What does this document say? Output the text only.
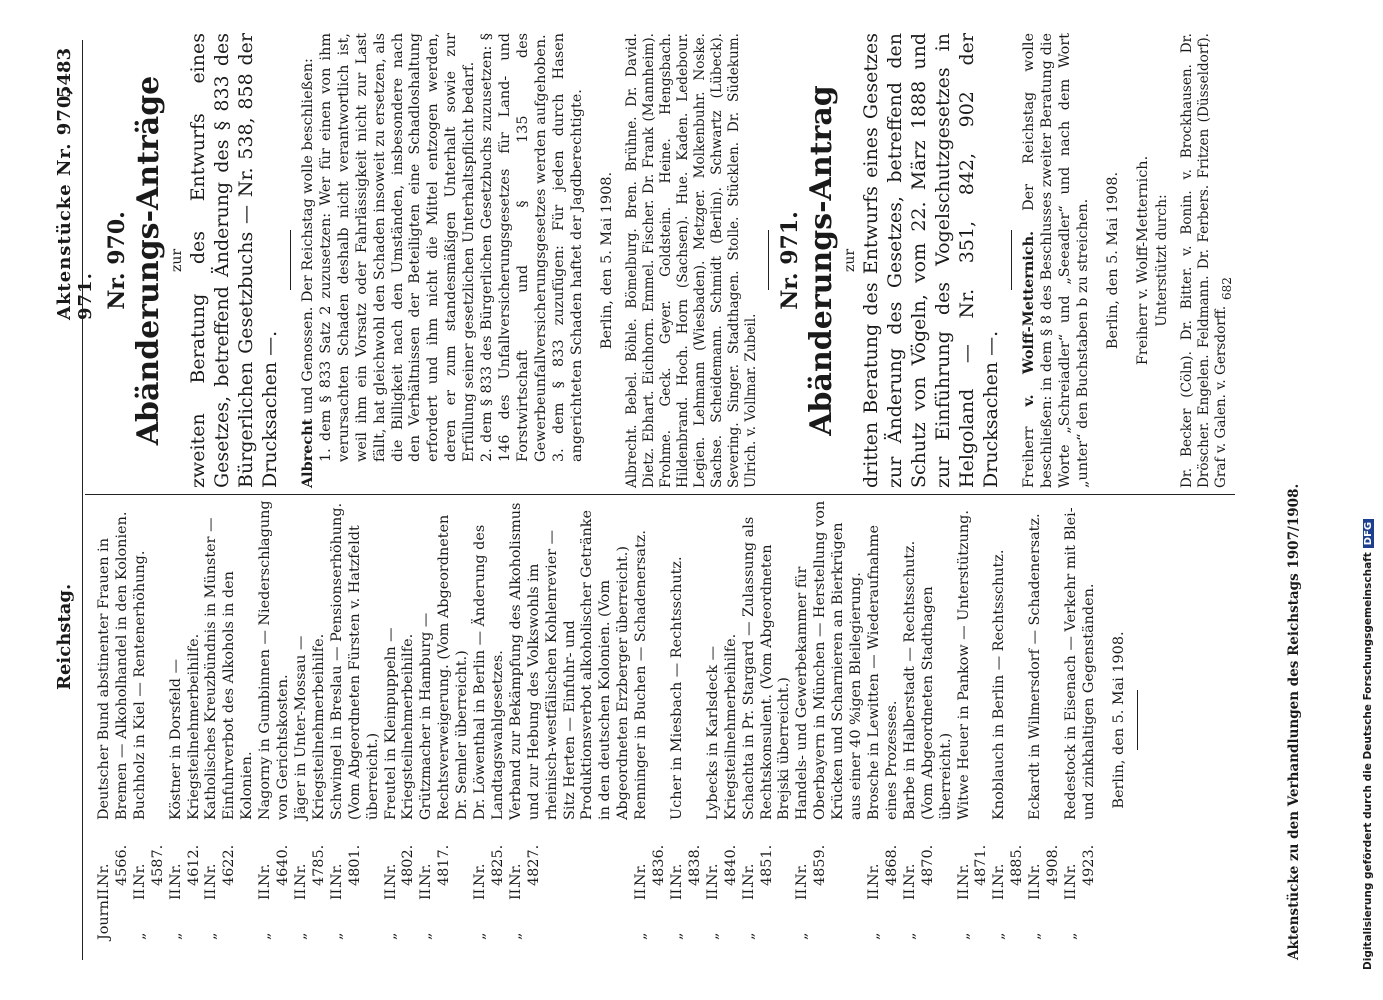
Reichstag.
Aktenstücke Nr. 970, 971.
5483
Journ.
II.
Nr. 4566.
Deutscher Bund abstinenter Frauen in Bremen — Alkoholhandel in den Kolonien.
„
II.
Nr. 4587.
Buchholz in Kiel — Rentenerhöhung.
„
II.
Nr. 4612.
Köstner in Dorsfeld — Kriegsteilnehmerbeihilfe.
„
II.
Nr. 4622.
Katholisches Kreuzbündnis in Münster — Einfuhrverbot des Alkohols in den Kolonien.
„
II.
Nr. 4640.
Nagorny in Gumbinnen — Niederschlagung von Gerichtskosten.
„
II.
Nr. 4785.
Jäger in Unter-Mossau — Kriegsteilnehmerbeihilfe.
„
II.
Nr. 4801.
Schwingel in Breslau — Pensionserhöhung. (Vom Abgeordneten Fürsten v. Hatzfeldt überreicht.)
„
II.
Nr. 4802.
Freutel in Kleinpuppeln — Kriegsteilnehmerbeihilfe.
„
II.
Nr. 4817.
Grützmacher in Hamburg — Rechtsverweigerung. (Vom Abgeordneten Dr. Semler überreicht.)
„
II.
Nr. 4825.
Dr. Löwenthal in Berlin — Änderung des Landtagswahlgesetzes.
„
II.
Nr. 4827.
Verband zur Bekämpfung des Alkoholismus und zur Hebung des Volkswohls im rheinisch-westfälischen Kohlenrevier — Sitz Herten — Einfuhr- und Produktionsverbot alkoholischer Getränke in den deutschen Kolonien. (Vom Abgeordneten Erzberger überreicht.)
„
II.
Nr. 4836.
Renninger in Buchen — Schadenersatz.
„
II.
Nr. 4838.
Ucher in Miesbach — Rechtsschutz.
„
II.
Nr. 4840.
Lybecks in Karlsdeck — Kriegsteilnehmerbeihilfe.
„
II.
Nr. 4851.
Schachta in Pr. Stargard — Zulassung als Rechtskonsulent. (Vom Abgeordneten Brejski überreicht.)
„
II.
Nr. 4859.
Handels- und Gewerbekammer für Oberbayern in München — Herstellung von Krücken und Scharnieren an Bierkrügen aus einer 40 %igen Bleilegierung.
„
II.
Nr. 4868.
Brosche in Lewitten — Wiederaufnahme eines Prozesses.
„
II.
Nr. 4870.
Barbe in Halberstadt — Rechtsschutz. (Vom Abgeordneten Stadthagen überreicht.)
„
II.
Nr. 4871.
Witwe Heuer in Pankow — Unterstützung.
„
II.
Nr. 4885.
Knoblauch in Berlin — Rechtsschutz.
„
II.
Nr. 4908.
Eckardt in Wilmersdorf — Schadenersatz.
„
II.
Nr. 4923.
Redestock in Eisenach — Verkehr mit Blei- und zinkhaltigen Gegenständen. Berlin, den 5. Mai 1908.
Nr. 970. Abänderungs-Anträge zur zweiten Beratung des Entwurfs eines Gesetzes, betreffend Änderung des § 833 des Bürgerlichen Gesetzbuchs — Nr. 538, 858 der Drucksachen —. Albrecht und Genossen. Der Reichstag wolle beschließen: 1. dem § 833 Satz 2 zuzusetzen: Wer für einen von ihm verursachten Schaden deshalb nicht verantwortlich ist, weil ihm ein Vorsatz oder Fahrlässigkeit nicht zur Last fällt, hat gleichwohl den Schaden insoweit zu ersetzen, als die Billigkeit nach den Umständen, insbesondere nach den Verhältnissen der Beteiligten eine Schadloshaltung erfordert und ihm nicht die Mittel entzogen werden, deren er zum standesmäßigen Unterhalt sowie zur Erfüllung seiner gesetzlichen Unterhaltspflicht bedarf. 2. dem § 833 des Bürgerlichen Gesetzbuchs zuzusetzen: § 146 des Unfallversicherungsgesetzes für Land- und Forstwirtschaft und § 135 des Gewerbeunfallversicherungsgesetzes werden aufgehoben. 3. dem § 833 zuzufügen: Für jeden durch Hasen angerichteten Schaden haftet der Jagdberechtigte. Berlin, den 5. Mai 1908. Albrecht. Bebel. Böhle. Bömelburg. Bren. Brühne. Dr. David. Dietz. Ebhart. Eichhorn. Emmel. Fischer. Dr. Frank (Mannheim). Frohme. Geck. Geyer. Goldstein. Heine. Hengsbach. Hildenbrand. Hoch. Horn (Sachsen). Hue. Kaden. Ledebour. Legien. Lehmann (Wiesbaden). Metzger. Molkenbuhr. Noske. Sachse. Scheidemann. Schmidt (Berlin). Schwartz (Lübeck). Severing. Singer. Stadthagen. Stolle. Stücklen. Dr. Südekum. Ulrich. v. Vollmar. Zubeil.

Nr. 971. Abänderungs-Antrag zur dritten Beratung des Entwurfs eines Gesetzes zur Änderung des Gesetzes, betreffend den Schutz von Vögeln, vom 22. März 1888 und zur Einführung des Vogelschutzgesetzes in Helgoland — Nr. 351, 842, 902 der Drucksachen —. Freiherr v. Wolff-Metternich. Der Reichstag wolle beschließen: in dem § 8 des Beschlusses zweiter Beratung die Worte „Schreiadler“ und „Seeadler“ und nach dem Wort „unter“ den Buchstaben b zu streichen. Berlin, den 5. Mai 1908. Freiherr v. Wolff-Metternich. Unterstützt durch: Dr. Becker (Cöln). Dr. Bitter. v. Bonin. v. Brockhausen. Dr. Dröscher. Engelen. Feldmann. Dr. Ferbers. Fritzen (Düsseldorf). Graf v. Galen. v. Gersdorff.

682
Aktenstücke zu den Verhandlungen des Reichstags 1907/1908.	Digitalisierung gefördert durch die Deutsche ForschungsgemeinschaftDFG
